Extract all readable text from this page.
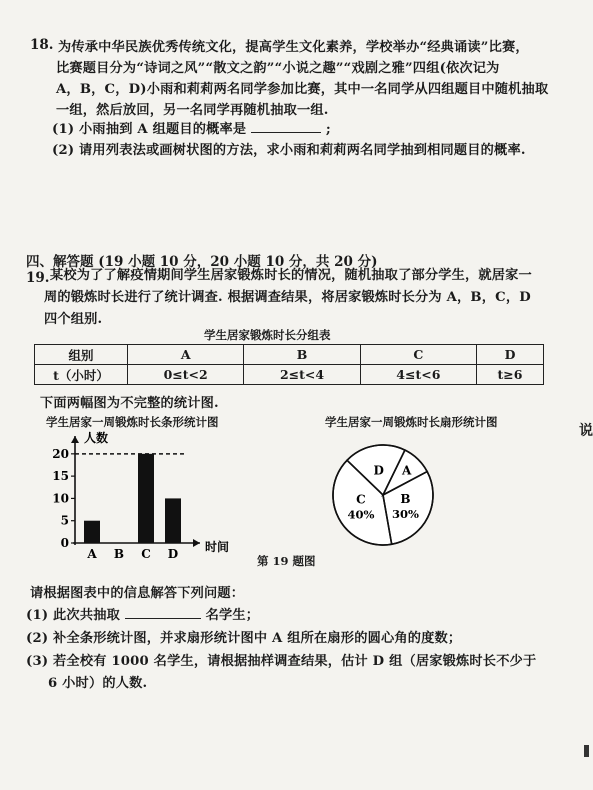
18. 为传承中华民族优秀传统文化，提高学生文化素养，学校举办“经典诵读”比赛，
比赛题目分为“诗词之风”“散文之韵”“小说之趣”“戏剧之雅”四组(依次记为
A，B，C，D)小雨和莉莉两名同学参加比赛，其中一名同学从四组题目中随机抽取
一组，然后放回，另一名同学再随机抽取一组.
(1) 小雨抽到 A 组题目的概率是	;
(2) 请用列表法或画树状图的方法，求小雨和莉莉两名同学抽到相同题目的概率.
四、解答题 (19 小题 10 分，20 小题 10 分，共 20 分)
19. 某校为了了解疫情期间学生居家锻炼时长的情况，随机抽取了部分学生，就居家一
周的锻炼时长进行了统计调查. 根据调查结果，将居家锻炼时长分为 A，B，C，D
四个组别.
学生居家锻炼时长分组表
组别	A	B	C	D
t（小时）	0≤t<2	2≤t<4	4≤t<6	t≥6
下面两幅图为不完整的统计图.
学生居家一周锻炼时长条形统计图
人数
时间
0
5
10
15
20
A B C D
学生居家一周锻炼时长扇形统计图
A
B
30%
C
40%
D
第 19 题图
请根据图表中的信息解答下列问题：
(1) 此次共抽取	名学生；
(2) 补全条形统计图，并求扇形统计图中 A 组所在扇形的圆心角的度数；
(3) 若全校有 1000 名学生，请根据抽样调查结果，估计 D 组（居家锻炼时长不少于
6 小时）的人数.
说
